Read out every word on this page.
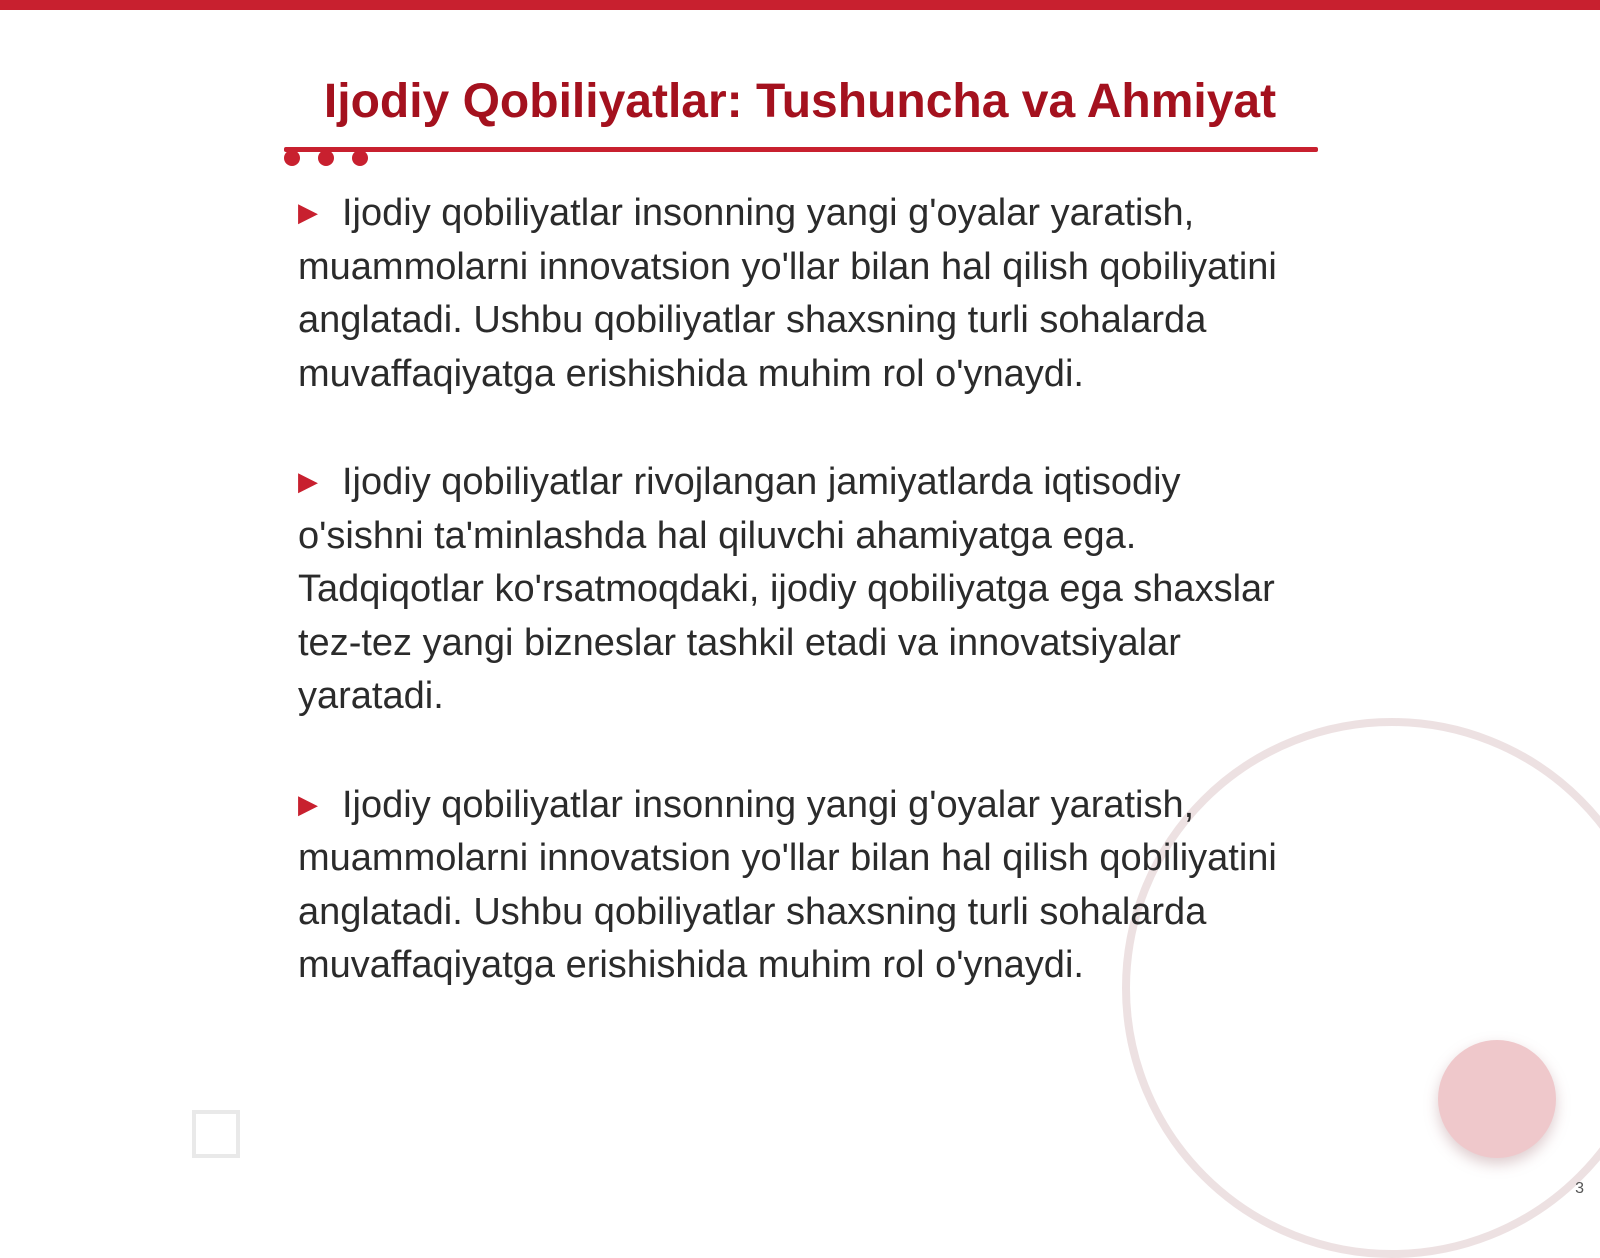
Ijodiy Qobiliyatlar: Tushuncha va Ahmiyat

▶ Ijodiy qobiliyatlar insonning yangi g'oyalar yaratish, muammolarni innovatsion yo'llar bilan hal qilish qobiliyatini anglatadi. Ushbu qobiliyatlar shaxsning turli sohalarda muvaffaqiyatga erishishida muhim rol o'ynaydi.

▶ Ijodiy qobiliyatlar rivojlangan jamiyatlarda iqtisodiy o'sishni ta'minlashda hal qiluvchi ahamiyatga ega. Tadqiqotlar ko'rsatmoqdaki, ijodiy qobiliyatga ega shaxslar tez-tez yangi bizneslar tashkil etadi va innovatsiyalar yaratadi.

▶ Ijodiy qobiliyatlar insonning yangi g'oyalar yaratish, muammolarni innovatsion yo'llar bilan hal qilish qobiliyatini anglatadi. Ushbu qobiliyatlar shaxsning turli sohalarda muvaffaqiyatga erishishida muhim rol o'ynaydi.

3
